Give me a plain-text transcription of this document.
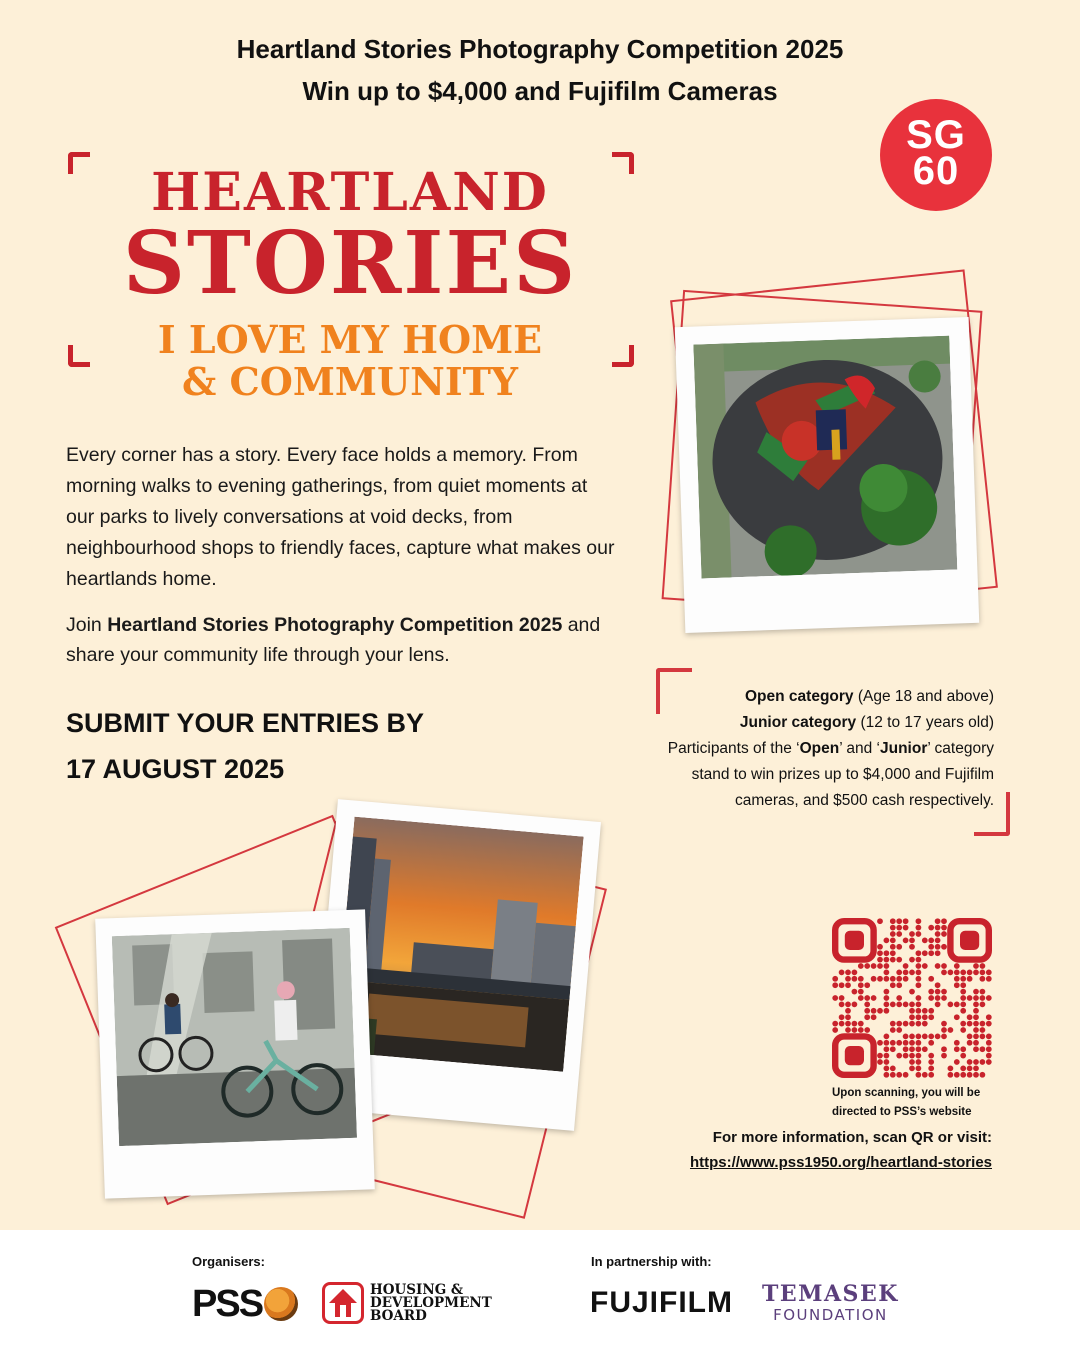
Heartland Stories Photography Competition 2025
Win up to $4,000 and Fujifilm Cameras
SG
60
HEARTLAND
STORIES
I LOVE MY HOME
& COMMUNITY

Every corner has a story. Every face holds a memory. From morning walks to evening gatherings, from quiet moments at our parks to lively conversations at void decks, from neighbourhood shops to friendly faces, capture what makes our heartlands home.

Join Heartland Stories Photography Competition 2025 and share your community life through your lens.

SUBMIT YOUR ENTRIES BY
17 AUGUST 2025
Open category (Age 18 and above)
Junior category (12 to 17 years old)
Participants of the ‘Open’ and ‘Junior’ category stand to win prizes up to $4,000 and Fujifilm cameras, and $500 cash respectively.
Upon scanning, you will be directed to PSS’s website
For more information, scan QR or visit:
https://www.pss1950.org/heartland-stories
Organisers:	In partnership with:
PSS	HOUSING &
DEVELOPMENT
BOARD	FUJIFILM TEMASEK
FOUNDATION
